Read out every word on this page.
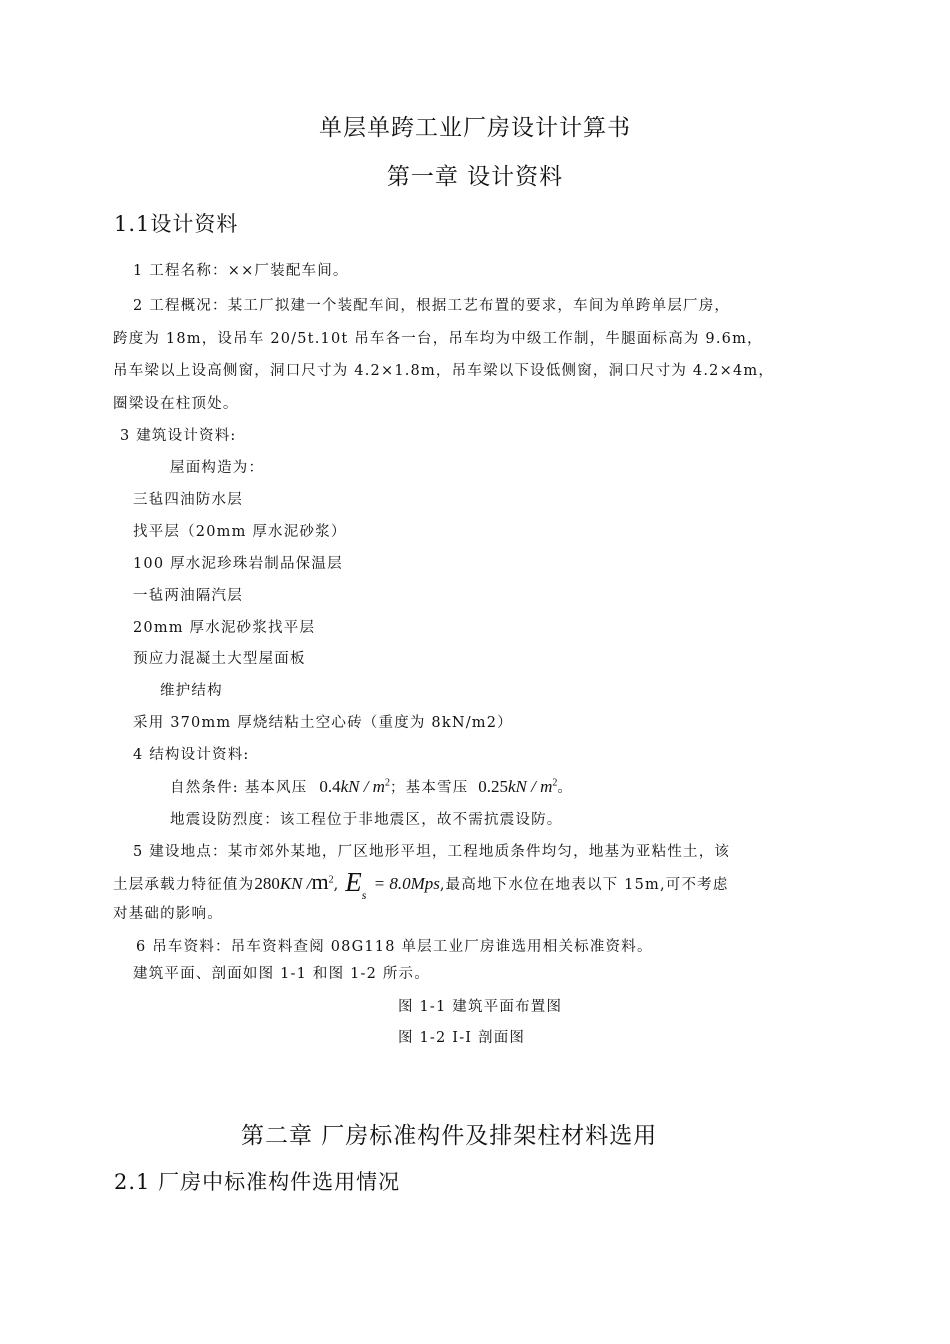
单层单跨工业厂房设计计算书
第一章 设计资料
1.1设计资料
1 工程名称：××厂装配车间。
2 工程概况：某工厂拟建一个装配车间，根据工艺布置的要求，车间为单跨单层厂房，
跨度为 18m，设吊车 20/5t.10t 吊车各一台，吊车均为中级工作制，牛腿面标高为 9.6m，
吊车梁以上设高侧窗，洞口尺寸为 4.2×1.8m，吊车梁以下设低侧窗，洞口尺寸为 4.2×4m，
圈梁设在柱顶处。
3 建筑设计资料:
屋面构造为：
三毡四油防水层
找平层（20mm 厚水泥砂浆）
100 厚水泥珍珠岩制品保温层
一毡两油隔汽层
20mm 厚水泥砂浆找平层
预应力混凝土大型屋面板
维护结构
采用 370mm 厚烧结粘土空心砖（重度为 8kN/m2）
4 结构设计资料:
自然条件: 基本风压 $0.4kN / m^2$；基本雪压 $0.25kN / m^2$。
地震设防烈度：该工程位于非地震区，故不需抗震设防。
5 建设地点：某市郊外某地，厂区地形平坦，工程地质条件均匀，地基为亚粘性土，该
土层承载力特征值为280KN $/m^2$, $E_s= 8.0Mps$,最高地下水位在地表以下 15m,可不考虑
对基础的影响。
6 吊车资料：吊车资料查阅 08G118 单层工业厂房谁选用相关标准资料。
建筑平面、剖面如图 1-1 和图 1-2 所示。
图 1-1 建筑平面布置图
图 1-2 I-I 剖面图
第二章 厂房标准构件及排架柱材料选用
2.1 厂房中标准构件选用情况
